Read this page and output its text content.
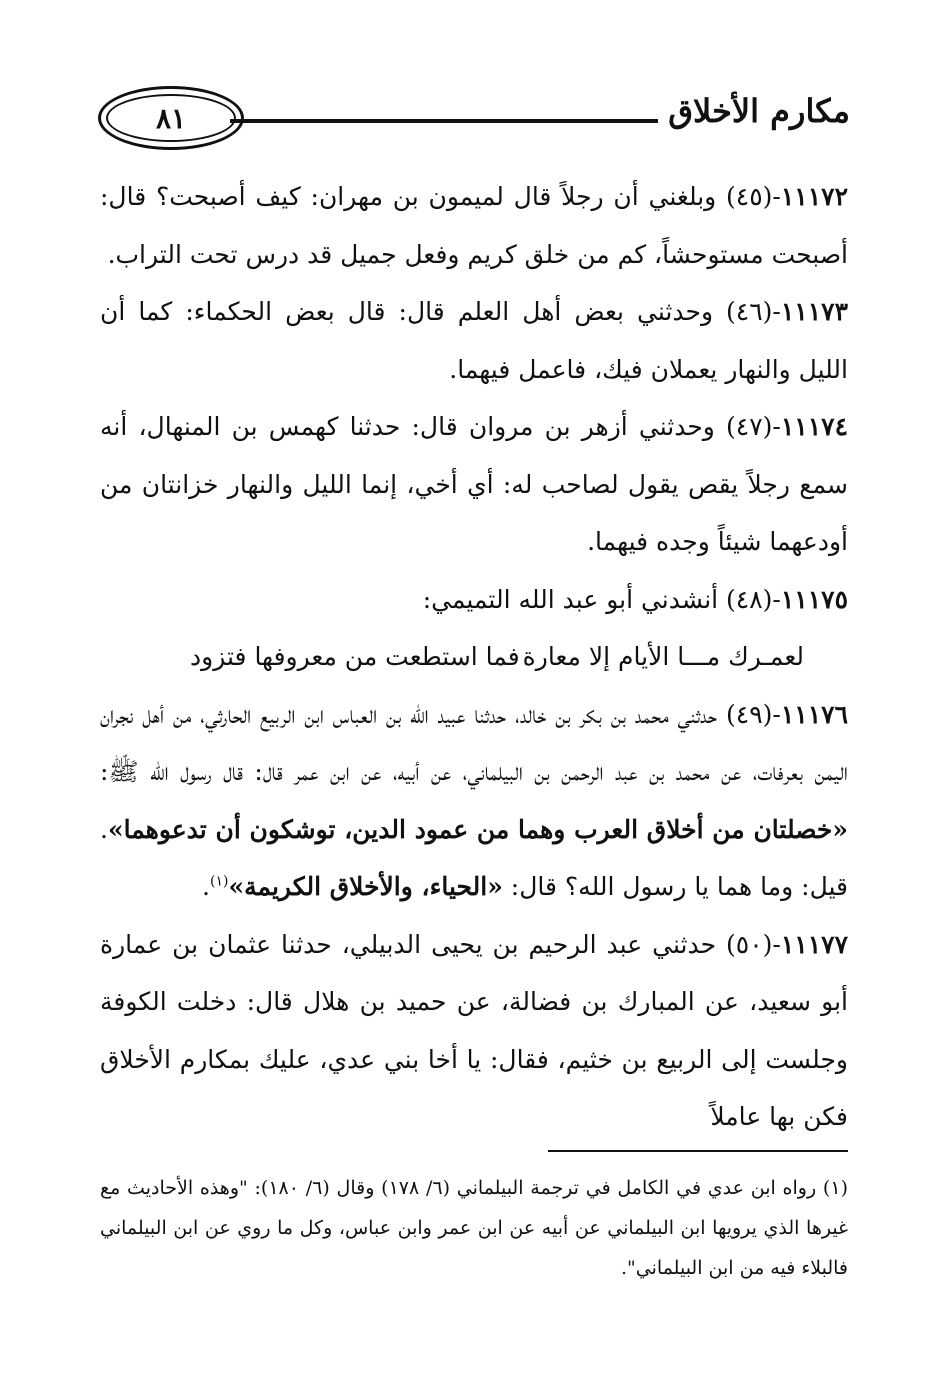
مكارم الأخلاق
٨١

١١١٧٢-(٤٥) وبلغني أن رجلاً قال لميمون بن مهران: كيف أصبحت؟ قال: أصبحت مستوحشاً، كم من خلق كريم وفعل جميل قد درس تحت التراب.

١١١٧٣-(٤٦) وحدثني بعض أهل العلم قال: قال بعض الحكماء: كما أن الليل والنهار يعملان فيك، فاعمل فيهما.

١١١٧٤-(٤٧) وحدثني أزهر بن مروان قال: حدثنا كهمس بن المنهال، أنه سمع رجلاً يقص يقول لصاحب له: أي أخي، إنما الليل والنهار خزانتان من أودعهما شيئاً وجده فيهما.

١١١٧٥-(٤٨) أنشدني أبو عبد الله التميمي:

لعمـرك مـــا الأيام إلا معارة
فما استطعت من معروفها فتزود

١١١٧٦-(٤٩) حدثني محمد بن بكر بن خالد، حدثنا عبيد الله بن العباس ابن الربيع الحارثي، من أهل نجران اليمن بعرفات، عن محمد بن عبد الرحمن بن البيلماني، عن أبيه، عن ابن عمر قال: قال رسول الله ﷺ: «خصلتان من أخلاق العرب وهما من عمود الدين، توشكون أن تدعوهما». قيل: وما هما يا رسول الله؟ قال: «الحياء، والأخلاق الكريمة»$^{(١)}$.

١١١٧٧-(٥٠) حدثني عبد الرحيم بن يحيى الدبيلي، حدثنا عثمان بن عمارة أبو سعيد، عن المبارك بن فضالة، عن حميد بن هلال قال: دخلت الكوفة وجلست إلى الربيع بن خثيم، فقال: يا أخا بني عدي، عليك بمكارم الأخلاق فكن بها عاملاً

(١) رواه ابن عدي في الكامل في ترجمة البيلماني (٦/ ١٧٨) وقال (٦/ ١٨٠): "وهذه الأحاديث مع غيرها الذي يرويها ابن البيلماني عن أبيه عن ابن عمر وابن عباس، وكل ما روي عن ابن البيلماني فالبلاء فيه من ابن البيلماني".
